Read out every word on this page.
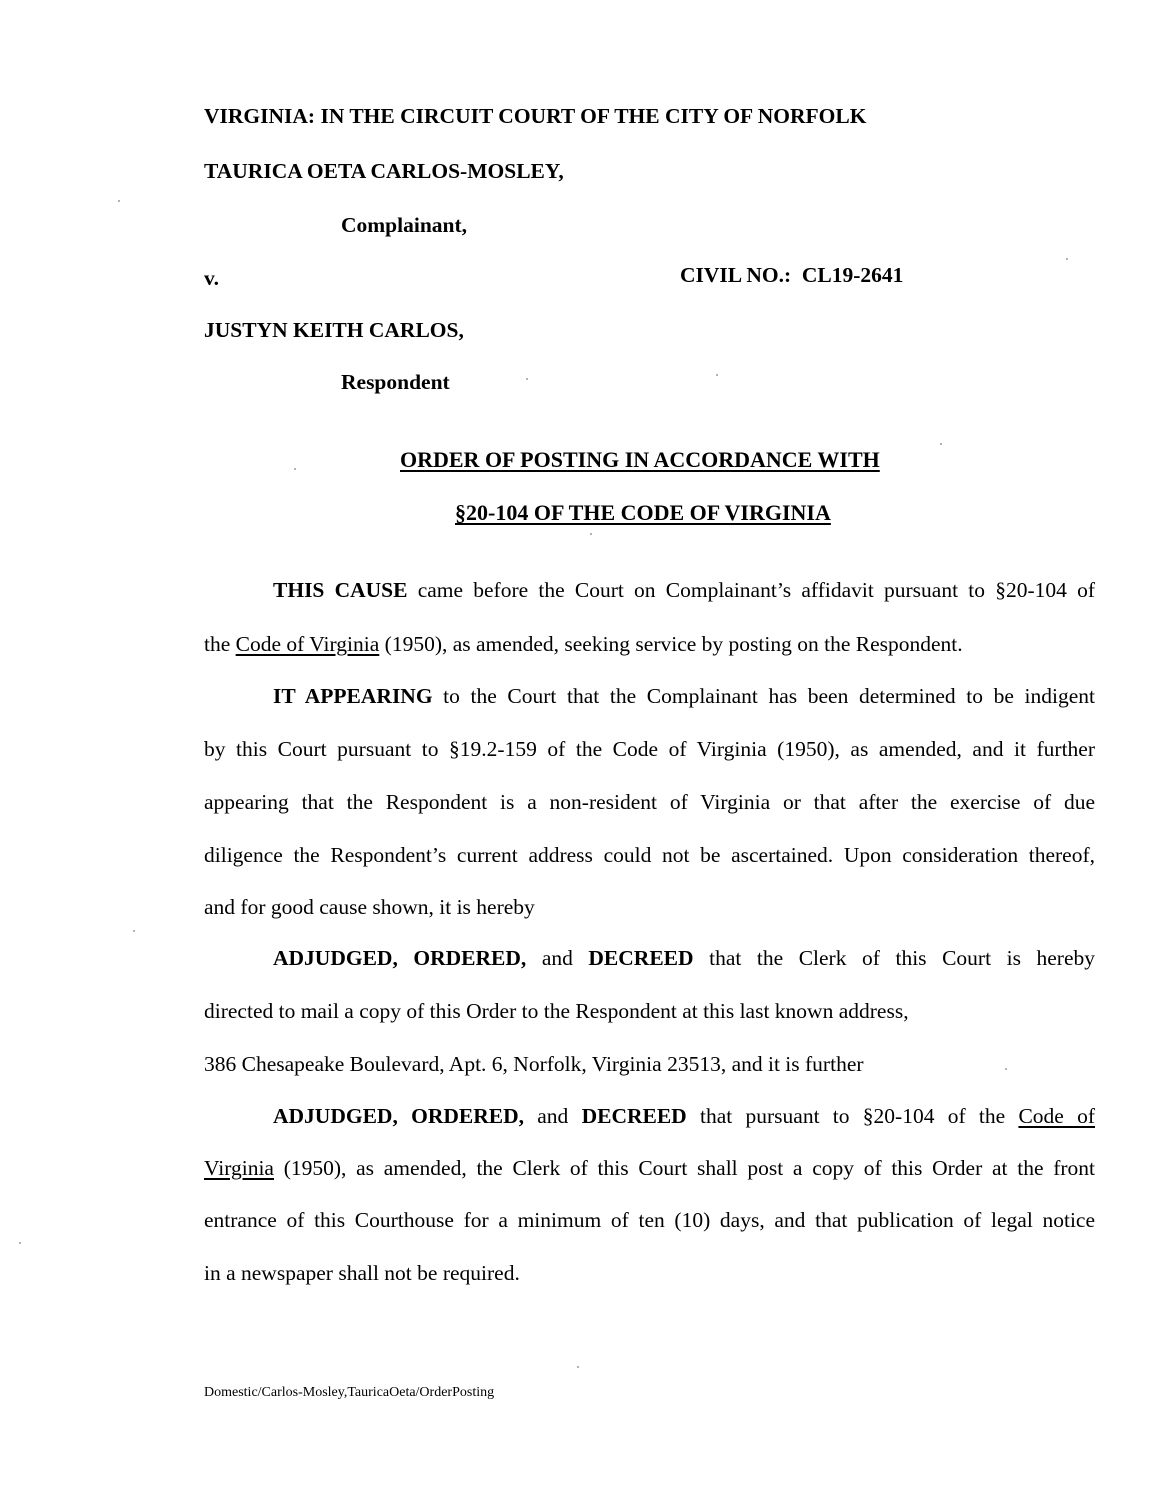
VIRGINIA: IN THE CIRCUIT COURT OF THE CITY OF NORFOLK
TAURICA OETA CARLOS-MOSLEY,
Complainant,
v.	CIVIL NO.: CL19-2641
JUSTYN KEITH CARLOS,
Respondent
ORDER OF POSTING IN ACCORDANCE WITH
§20-104 OF THE CODE OF VIRGINIA
THIS CAUSE came before the Court on Complainant’s affidavit pursuant to §20-104 of
the Code of Virginia (1950), as amended, seeking service by posting on the Respondent.
IT APPEARING to the Court that the Complainant has been determined to be indigent
by this Court pursuant to §19.2-159 of the Code of Virginia (1950), as amended, and it further
appearing that the Respondent is a non-resident of Virginia or that after the exercise of due
diligence the Respondent’s current address could not be ascertained. Upon consideration thereof,
and for good cause shown, it is hereby
ADJUDGED, ORDERED, and DECREED that the Clerk of this Court is hereby
directed to mail a copy of this Order to the Respondent at this last known address,
386 Chesapeake Boulevard, Apt. 6, Norfolk, Virginia 23513, and it is further
ADJUDGED, ORDERED, and DECREED that pursuant to §20-104 of the Code of
Virginia (1950), as amended, the Clerk of this Court shall post a copy of this Order at the front
entrance of this Courthouse for a minimum of ten (10) days, and that publication of legal notice
in a newspaper shall not be required.
Domestic/Carlos-Mosley,TauricaOeta/OrderPosting
